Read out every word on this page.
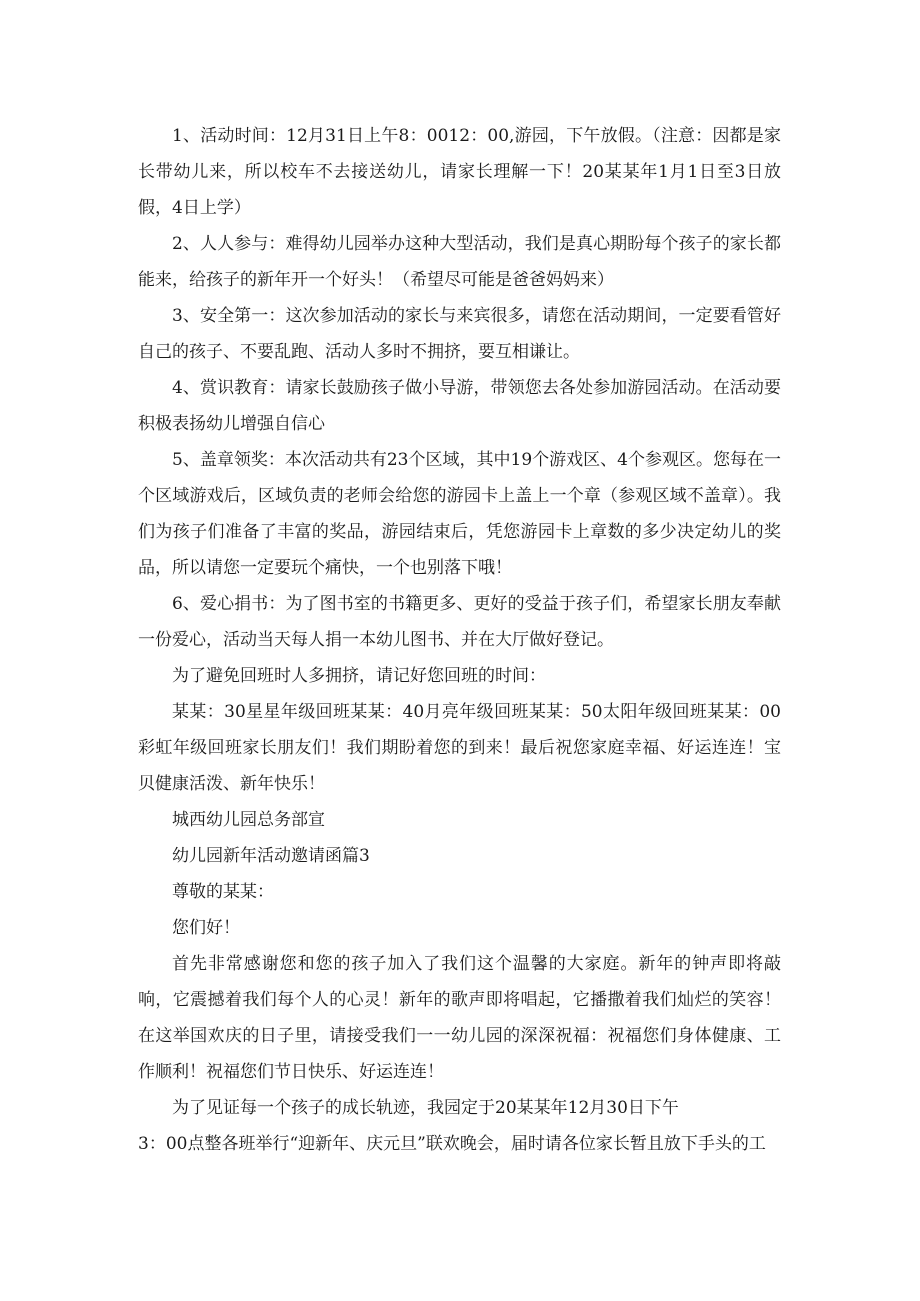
1、活动时间：12月31日上午8：0012：00,游园，下午放假。（注意：因都是家长带幼儿来，所以校车不去接送幼儿，请家长理解一下！20某某年1月1日至3日放假，4日上学）

2、人人参与：难得幼儿园举办这种大型活动，我们是真心期盼每个孩子的家长都能来，给孩子的新年开一个好头！（希望尽可能是爸爸妈妈来）

3、安全第一：这次参加活动的家长与来宾很多，请您在活动期间，一定要看管好自己的孩子、不要乱跑、活动人多时不拥挤，要互相谦让。

4、赏识教育：请家长鼓励孩子做小导游，带领您去各处参加游园活动。在活动要积极表扬幼儿增强自信心

5、盖章领奖：本次活动共有23个区域，其中19个游戏区、4个参观区。您每在一个区域游戏后，区域负责的老师会给您的游园卡上盖上一个章（参观区域不盖章）。我们为孩子们准备了丰富的奖品，游园结束后，凭您游园卡上章数的多少决定幼儿的奖品，所以请您一定要玩个痛快，一个也别落下哦！

6、爱心捐书：为了图书室的书籍更多、更好的受益于孩子们，希望家长朋友奉献一份爱心，活动当天每人捐一本幼儿图书、并在大厅做好登记。

为了避免回班时人多拥挤，请记好您回班的时间：

某某：30星星年级回班某某：40月亮年级回班某某：50太阳年级回班某某：00彩虹年级回班家长朋友们！我们期盼着您的到来！最后祝您家庭幸福、好运连连！宝贝健康活泼、新年快乐！

城西幼儿园总务部宣

幼儿园新年活动邀请函篇3

尊敬的某某：

您们好！

首先非常感谢您和您的孩子加入了我们这个温馨的大家庭。新年的钟声即将敲响，它震撼着我们每个人的心灵！新年的歌声即将唱起，它播撒着我们灿烂的笑容！在这举国欢庆的日子里，请接受我们一一幼儿园的深深祝福：祝福您们身体健康、工作顺利！祝福您们节日快乐、好运连连！

为了见证每一个孩子的成长轨迹，我园定于20某某年12月30日下午
3：00点整各班举行“迎新年、庆元旦”联欢晚会，届时请各位家长暂且放下手头的工
